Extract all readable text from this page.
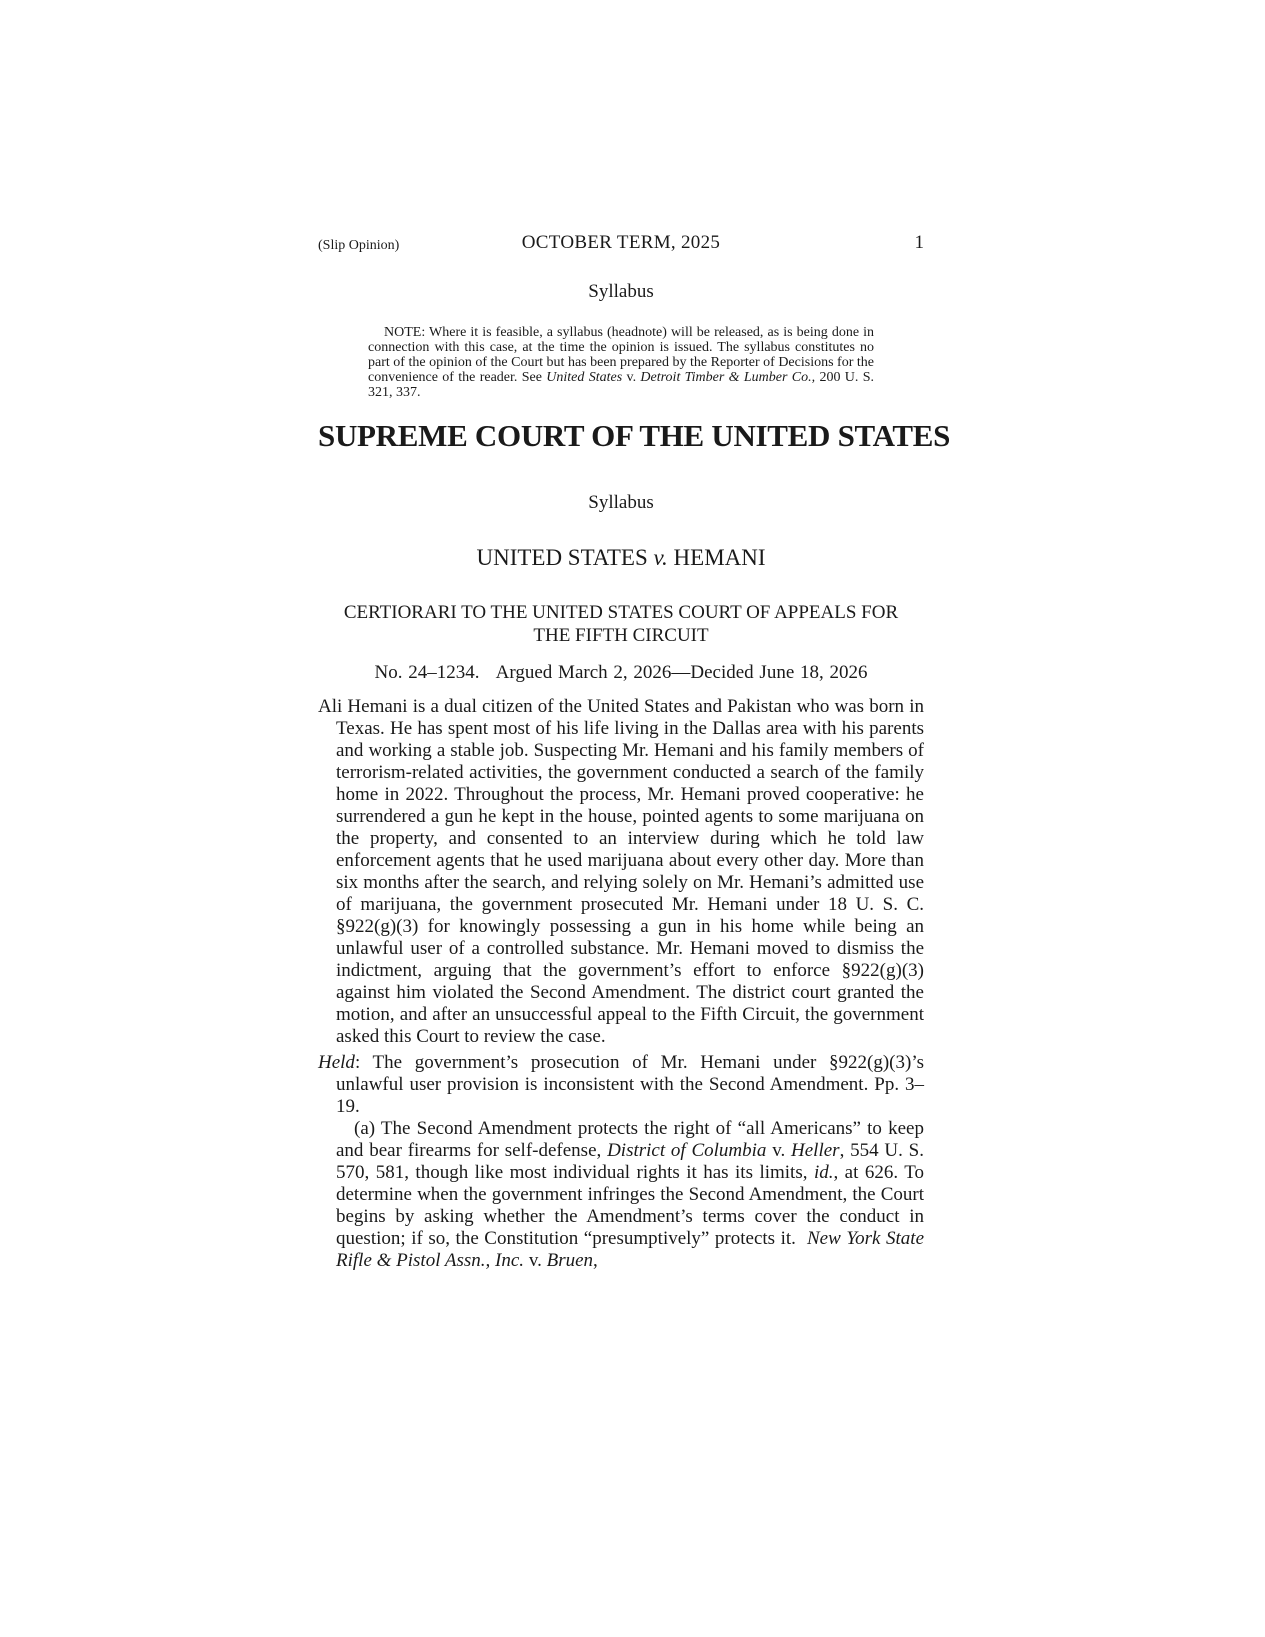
(Slip Opinion)	OCTOBER TERM, 2025	1
Syllabus
NOTE: Where it is feasible, a syllabus (headnote) will be released, as is being done in connection with this case, at the time the opinion is issued. The syllabus constitutes no part of the opinion of the Court but has been prepared by the Reporter of Decisions for the convenience of the reader. See United States v. Detroit Timber & Lumber Co., 200 U. S. 321, 337.
SUPREME COURT OF THE UNITED STATES
Syllabus
UNITED STATES v. HEMANI
CERTIORARI TO THE UNITED STATES COURT OF APPEALS FOR
THE FIFTH CIRCUIT
No. 24–1234.   Argued March 2, 2026—Decided June 18, 2026
Ali Hemani is a dual citizen of the United States and Pakistan who was born in Texas. He has spent most of his life living in the Dallas area with his parents and working a stable job. Suspecting Mr. Hemani and his family members of terrorism-related activities, the government conducted a search of the family home in 2022. Throughout the process, Mr. Hemani proved cooperative: he surrendered a gun he kept in the house, pointed agents to some marijuana on the property, and consented to an interview during which he told law enforcement agents that he used marijuana about every other day. More than six months after the search, and relying solely on Mr. Hemani’s admitted use of marijuana, the government prosecuted Mr. Hemani under 18 U. S. C. §922(g)(3) for knowingly possessing a gun in his home while being an unlawful user of a controlled substance. Mr. Hemani moved to dismiss the indictment, arguing that the government’s effort to enforce §922(g)(3) against him violated the Second Amendment. The district court granted the motion, and after an unsuccessful appeal to the Fifth Circuit, the government asked this Court to review the case.
Held: The government’s prosecution of Mr. Hemani under §922(g)(3)’s unlawful user provision is inconsistent with the Second Amendment. Pp. 3–19.
(a) The Second Amendment protects the right of “all Americans” to keep and bear firearms for self-defense, District of Columbia v. Heller, 554 U. S. 570, 581, though like most individual rights it has its limits, id., at 626. To determine when the government infringes the Second Amendment, the Court begins by asking whether the Amendment’s terms cover the conduct in question; if so, the Constitution “presumptively” protects it.  New York State Rifle & Pistol Assn., Inc. v. Bruen,
